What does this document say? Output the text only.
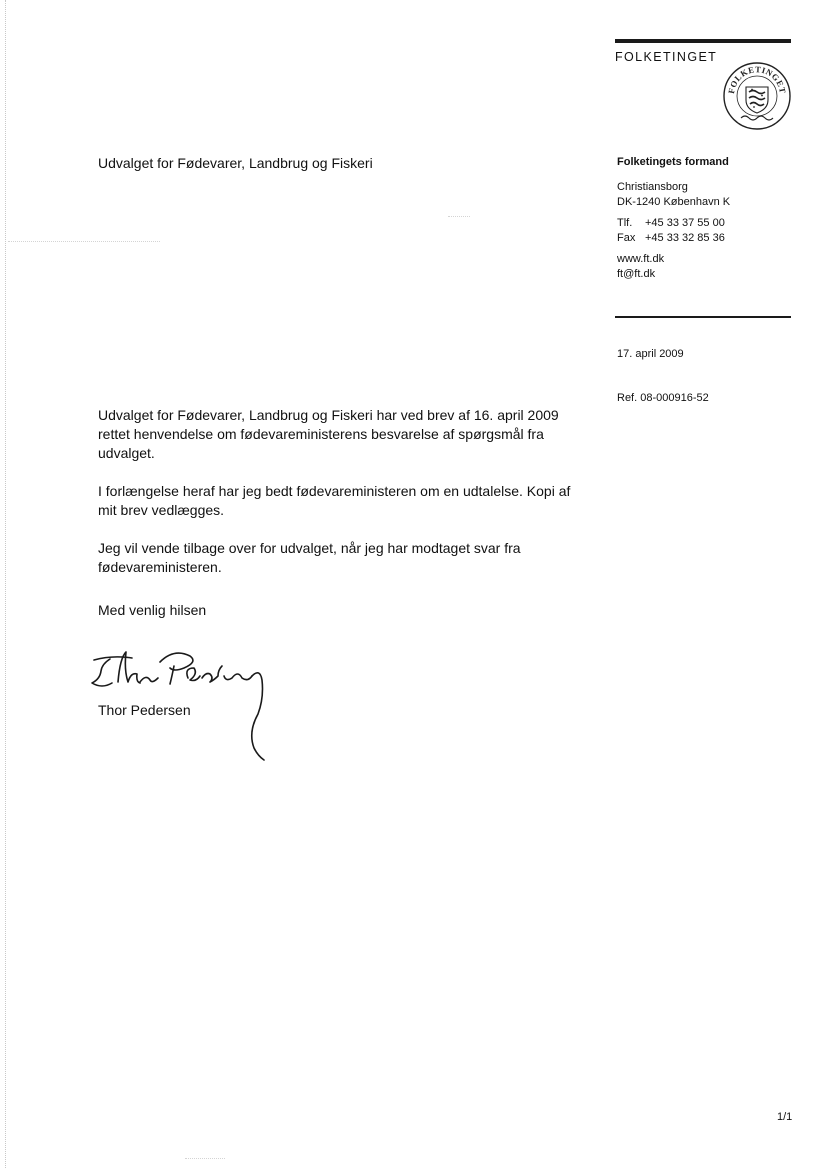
FOLKETINGET
FOLKETINGET
Folketingets formand
Christiansborg
DK-1240 København K
Tlf. +45 33 37 55 00
Fax +45 33 32 85 36
www.ft.dk
ft@ft.dk
17. april 2009
Ref. 08-000916-52
Udvalget for Fødevarer, Landbrug og Fiskeri

Udvalget for Fødevarer, Landbrug og Fiskeri har ved brev af 16. april 2009 rettet henvendelse om fødevareministerens besvarelse af spørgsmål fra udvalget.

I forlængelse heraf har jeg bedt fødevareministeren om en udtalelse. Kopi af mit brev vedlægges.

Jeg vil vende tilbage over for udvalget, når jeg har modtaget svar fra fødevareministeren.

Med venlig hilsen

Thor Pedersen
1/1
